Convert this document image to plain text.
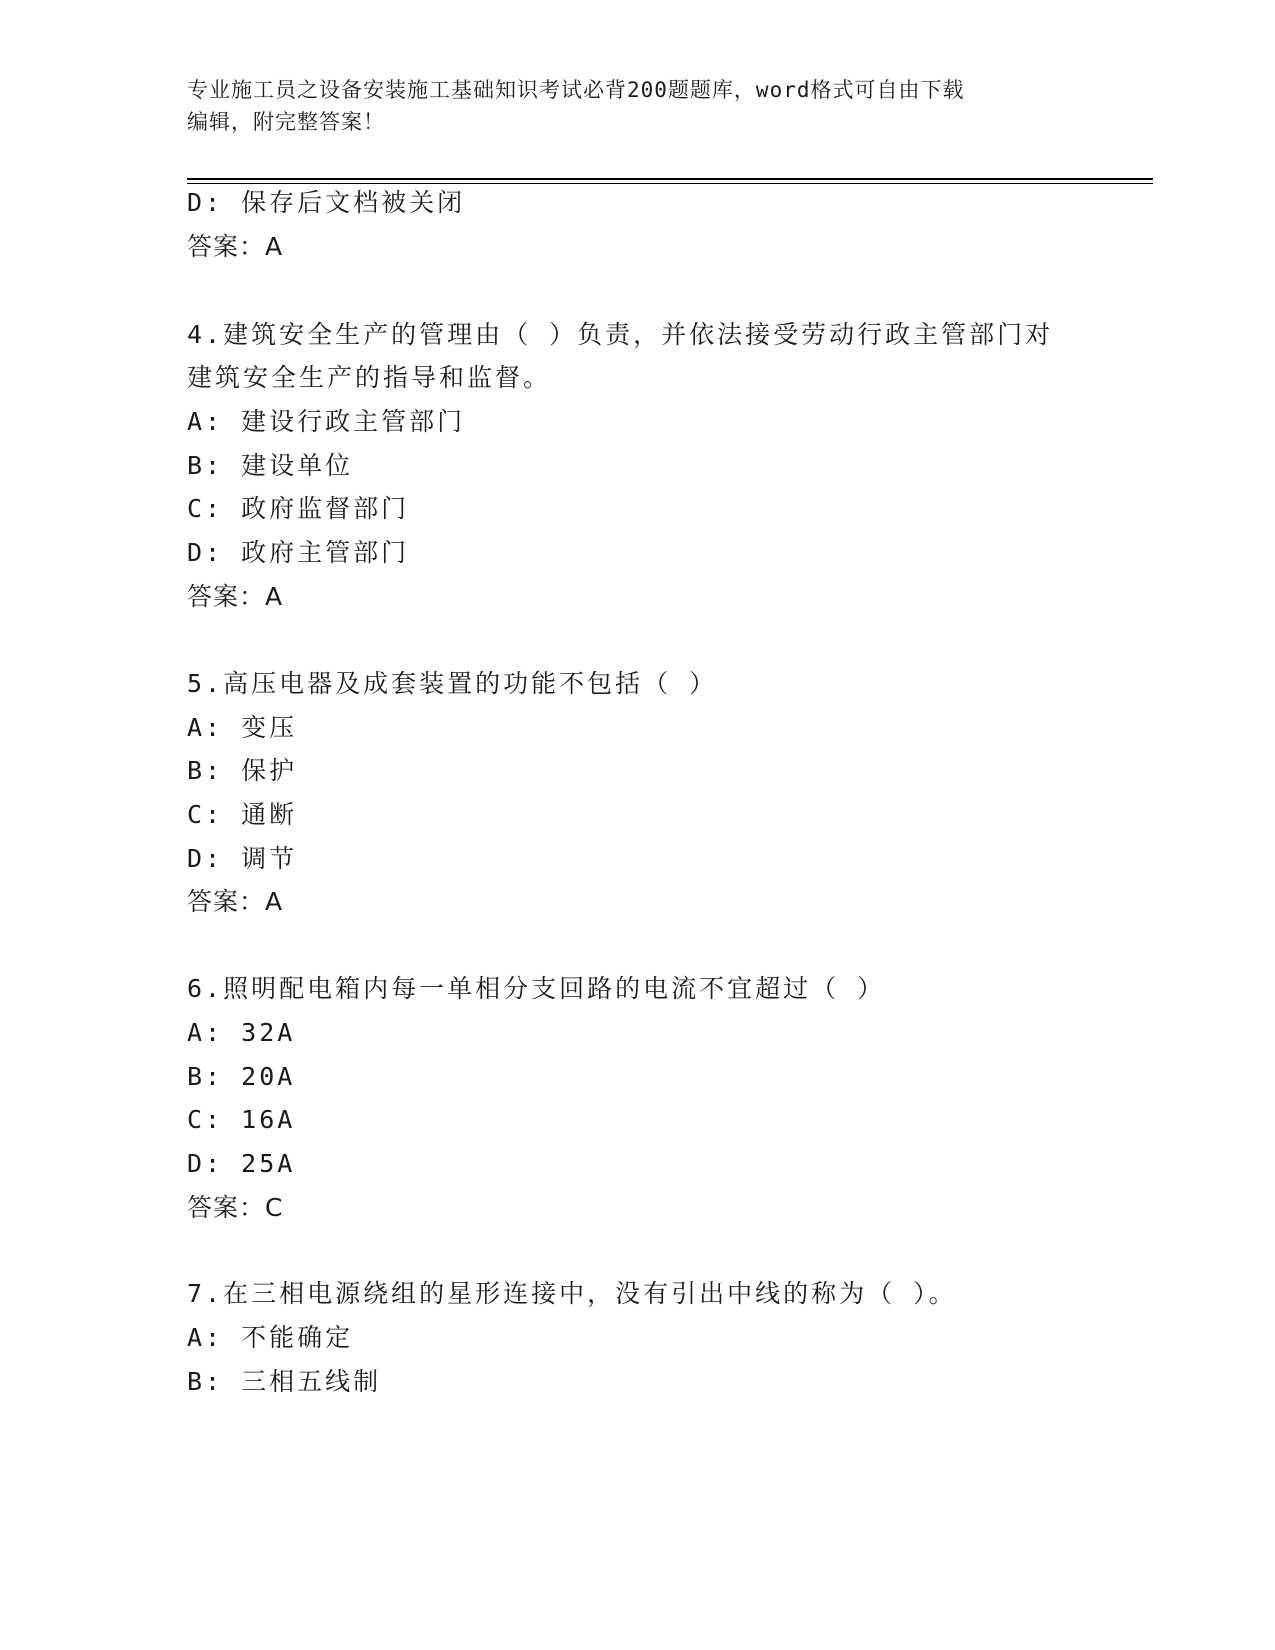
专业施工员之设备安装施工基础知识考试必背200题题库，word格式可自由下载
编辑，附完整答案！
D: 保存后文档被关闭
答案：A
4.建筑安全生产的管理由（ ）负责，并依法接受劳动行政主管部门对
建筑安全生产的指导和监督。
A: 建设行政主管部门
B: 建设单位
C: 政府监督部门
D: 政府主管部门
答案：A
5.高压电器及成套装置的功能不包括（ ）
A: 变压
B: 保护
C: 通断
D: 调节
答案：A
6.照明配电箱内每一单相分支回路的电流不宜超过（ ）
A: 32A
B: 20A
C: 16A
D: 25A
答案：C
7.在三相电源绕组的星形连接中，没有引出中线的称为（ ）。
A: 不能确定
B: 三相五线制
